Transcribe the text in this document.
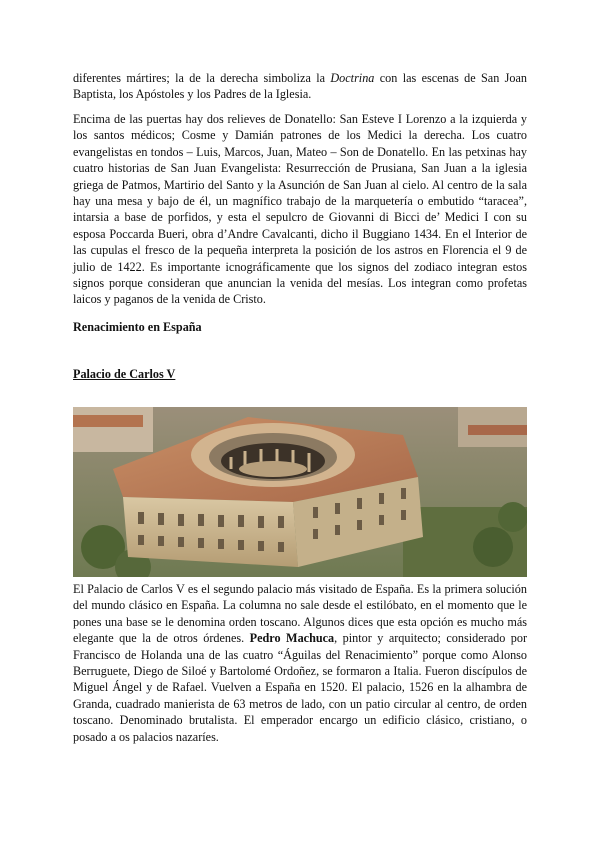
diferentes mártires; la de la derecha simboliza la Doctrina con las escenas de San Joan Baptista, los Apóstoles y los Padres de la Iglesia.

Encima de las puertas hay dos relieves de Donatello: San Esteve I Lorenzo a la izquierda y los santos médicos; Cosme y Damián patrones de los Medici la derecha. Los cuatro evangelistas en tondos – Luis, Marcos, Juan, Mateo – Son de Donatello. En las petxinas hay cuatro historias de San Juan Evangelista: Resurrección de Prusiana, San Juan a la iglesia griega de Patmos, Martirio del Santo y la Asunción de San Juan al cielo. Al centro de la sala hay una mesa y bajo de él, un magnífico trabajo de la marquetería o embutido “taracea”, intarsia a base de porfidos, y esta el sepulcro de Giovanni di Bicci de’ Medici I con su esposa Poccarda Bueri, obra d’Andre Cavalcanti, dicho il Buggiano 1434. En el Interior de las cupulas el fresco de la pequeña interpreta la posición de los astros en Florencia el 9 de julio de 1422. Es importante icnográficamente que los signos del zodiaco integran estos signos porque consideran que anuncian la venida del mesías. Los integran como profetas laicos y paganos de la venida de Cristo.

Renacimiento en España

Palacio de Carlos V

El Palacio de Carlos V es el segundo palacio más visitado de España. Es la primera solución del mundo clásico en España. La columna no sale desde el estilóbato, en el momento que le pones una base se le denomina orden toscano. Algunos dices que esta opción es mucho más elegante que la de otros órdenes. Pedro Machuca, pintor y arquitecto; considerado por Francisco de Holanda una de las cuatro “Águilas del Renacimiento” porque como Alonso Berruguete, Diego de Siloé y Bartolomé Ordoñez, se formaron a Italia. Fueron discípulos de Miguel Ángel y de Rafael. Vuelven a España en 1520. El palacio, 1526 en la alhambra de Granda, cuadrado manierista de 63 metros de lado, con un patio circular al centro, de orden toscano. Denominado brutalista. El emperador encargo un edificio clásico, cristiano, o posado a os palacios nazaríes.
